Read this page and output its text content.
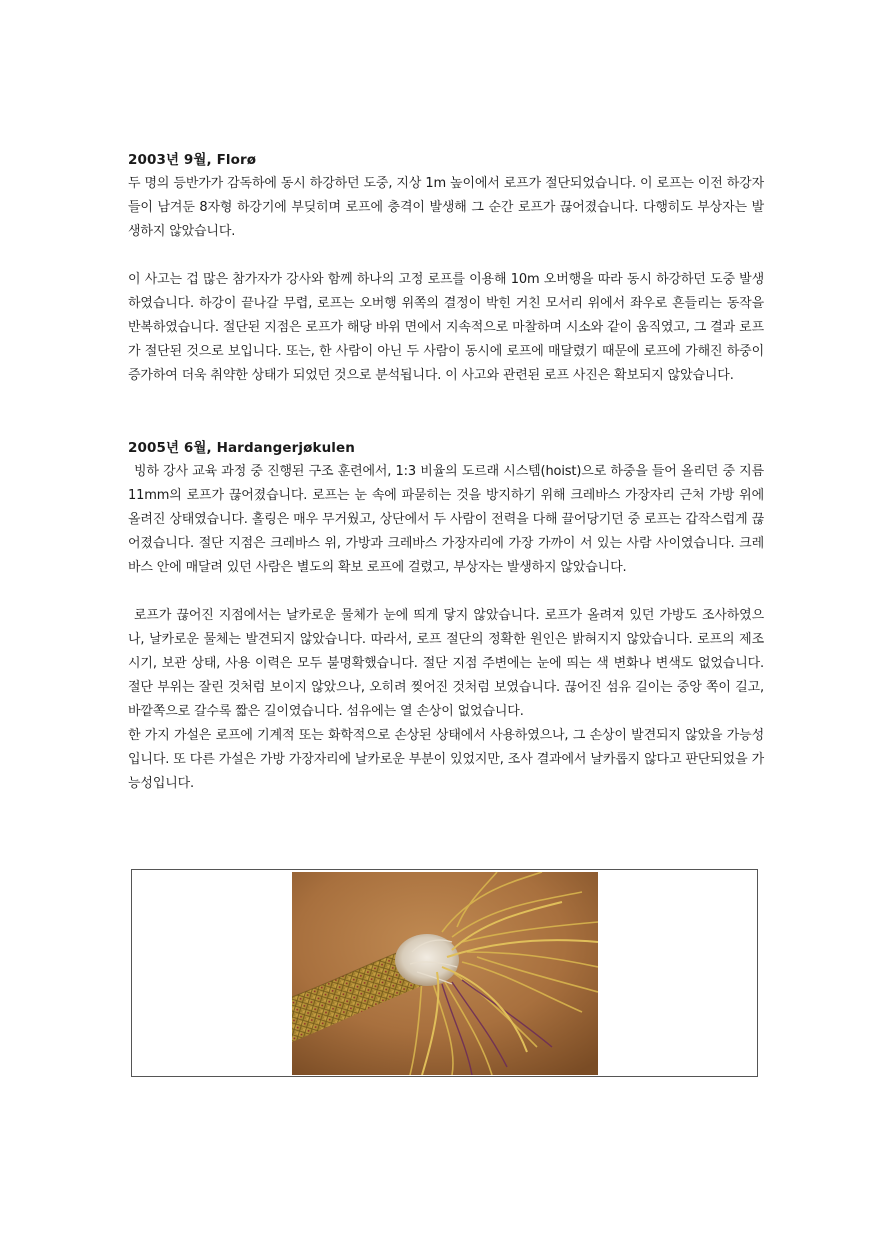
2003년 9월, Florø

두 명의 등반가가 감독하에 동시 하강하던 도중, 지상 1m 높이에서 로프가 절단되었습니다. 이 로프는 이전 하강자들이 남겨둔 8자형 하강기에 부딪히며 로프에 충격이 발생해 그 순간 로프가 끊어졌습니다. 다행히도 부상자는 발생하지 않았습니다.

이 사고는 겁 많은 참가자가 강사와 함께 하나의 고정 로프를 이용해 10m 오버행을 따라 동시 하강하던 도중 발생하였습니다. 하강이 끝나갈 무렵, 로프는 오버행 위쪽의 결정이 박힌 거친 모서리 위에서 좌우로 흔들리는 동작을 반복하였습니다. 절단된 지점은 로프가 해당 바위 면에서 지속적으로 마찰하며 시소와 같이 움직였고, 그 결과 로프가 절단된 것으로 보입니다. 또는, 한 사람이 아닌 두 사람이 동시에 로프에 매달렸기 때문에 로프에 가해진 하중이 증가하여 더욱 취약한 상태가 되었던 것으로 분석됩니다. 이 사고와 관련된 로프 사진은 확보되지 않았습니다.

2005년 6월, Hardangerjøkulen

빙하 강사 교육 과정 중 진행된 구조 훈련에서, 1:3 비율의 도르래 시스템(hoist)으로 하중을 들어 올리던 중 지름 11mm의 로프가 끊어졌습니다. 로프는 눈 속에 파묻히는 것을 방지하기 위해 크레바스 가장자리 근처 가방 위에 올려진 상태였습니다. 홀링은 매우 무거웠고, 상단에서 두 사람이 전력을 다해 끌어당기던 중 로프는 갑작스럽게 끊어졌습니다. 절단 지점은 크레바스 위, 가방과 크레바스 가장자리에 가장 가까이 서 있는 사람 사이였습니다. 크레바스 안에 매달려 있던 사람은 별도의 확보 로프에 걸렸고, 부상자는 발생하지 않았습니다.

로프가 끊어진 지점에서는 날카로운 물체가 눈에 띄게 닿지 않았습니다. 로프가 올려져 있던 가방도 조사하였으나, 날카로운 물체는 발견되지 않았습니다. 따라서, 로프 절단의 정확한 원인은 밝혀지지 않았습니다. 로프의 제조 시기, 보관 상태, 사용 이력은 모두 불명확했습니다. 절단 지점 주변에는 눈에 띄는 색 변화나 변색도 없었습니다. 절단 부위는 잘린 것처럼 보이지 않았으나, 오히려 찢어진 것처럼 보였습니다. 끊어진 섬유 길이는 중앙 쪽이 길고, 바깥쪽으로 갈수록 짧은 길이였습니다. 섬유에는 열 손상이 없었습니다.

한 가지 가설은 로프에 기계적 또는 화학적으로 손상된 상태에서 사용하였으나, 그 손상이 발견되지 않았을 가능성입니다. 또 다른 가설은 가방 가장자리에 날카로운 부분이 있었지만, 조사 결과에서 날카롭지 않다고 판단되었을 가능성입니다.
